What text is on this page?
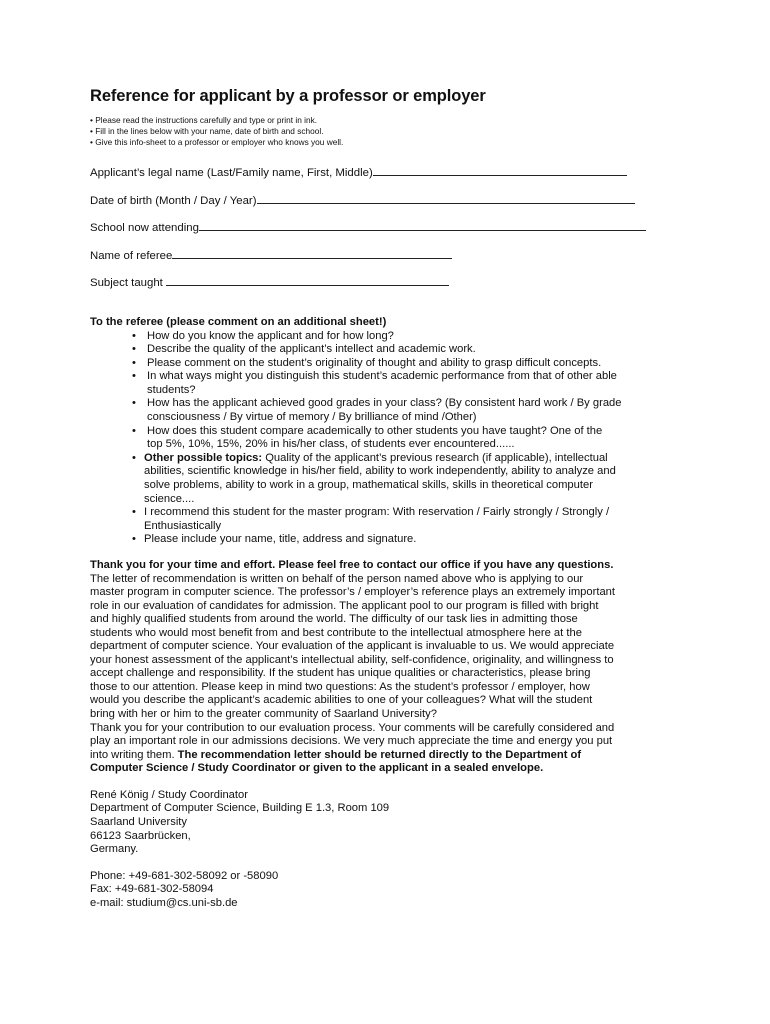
Reference for applicant by a professor or employer
• Please read the instructions carefully and type or print in ink.
• Fill in the lines below with your name, date of birth and school.
• Give this info-sheet to a professor or employer who knows you well.
Applicant’s legal name (Last/Family name, First, Middle)
Date of birth (Month / Day / Year)
School now attending
Name of referee
Subject taught
To the referee (please comment on an additional sheet!)
• How do you know the applicant and for how long?
• Describe the quality of the applicant’s intellect and academic work.
• Please comment on the student’s originality of thought and ability to grasp difficult concepts.
• In what ways might you distinguish this student’s academic performance from that of other able
students?
• How has the applicant achieved good grades in your class? (By consistent hard work / By grade
consciousness / By virtue of memory / By brilliance of mind /Other)
• How does this student compare academically to other students you have taught? One of the
top 5%, 10%, 15%, 20% in his/her class, of students ever encountered......
• Other possible topics: Quality of the applicant’s previous research (if applicable), intellectual
abilities, scientific knowledge in his/her field, ability to work independently, ability to analyze and
solve problems, ability to work in a group, mathematical skills, skills in theoretical computer
science....
• I recommend this student for the master program: With reservation / Fairly strongly / Strongly /
Enthusiastically
• Please include your name, title, address and signature.
Thank you for your time and effort. Please feel free to contact our office if you have any questions.
The letter of recommendation is written on behalf of the person named above who is applying to our
master program in computer science. The professor’s / employer’s reference plays an extremely important
role in our evaluation of candidates for admission. The applicant pool to our program is filled with bright
and highly qualified students from around the world. The difficulty of our task lies in admitting those
students who would most benefit from and best contribute to the intellectual atmosphere here at the
department of computer science. Your evaluation of the applicant is invaluable to us. We would appreciate
your honest assessment of the applicant’s intellectual ability, self-confidence, originality, and willingness to
accept challenge and responsibility. If the student has unique qualities or characteristics, please bring
those to our attention. Please keep in mind two questions: As the student’s professor / employer, how
would you describe the applicant’s academic abilities to one of your colleagues? What will the student
bring with her or him to the greater community of Saarland University?
Thank you for your contribution to our evaluation process. Your comments will be carefully considered and
play an important role in our admissions decisions. We very much appreciate the time and energy you put
into writing them. The recommendation letter should be returned directly to the Department of
Computer Science / Study Coordinator or given to the applicant in a sealed envelope.
René König / Study Coordinator
Department of Computer Science, Building E 1.3, Room 109
Saarland University
66123 Saarbrücken,
Germany.
Phone: +49-681-302-58092 or -58090
Fax: +49-681-302-58094
e-mail: studium@cs.uni-sb.de
